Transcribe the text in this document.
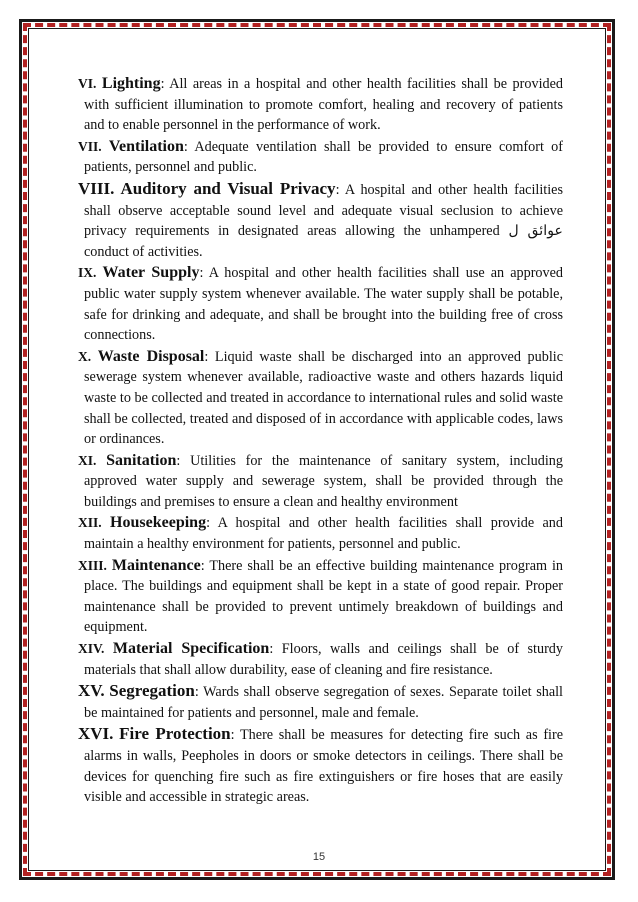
VI. Lighting: All areas in a hospital and other health facilities shall be provided with sufficient illumination to promote comfort, healing and recovery of patients and to enable personnel in the performance of work.

VII. Ventilation: Adequate ventilation shall be provided to ensure comfort of patients, personnel and public.

VIII. Auditory and Visual Privacy: A hospital and other health facilities shall observe acceptable sound level and adequate visual seclusion to achieve privacy requirements in designated areas allowing the unhampered عوائق ل conduct of activities.

IX. Water Supply: A hospital and other health facilities shall use an approved public water supply system whenever available. The water supply shall be potable, safe for drinking and adequate, and shall be brought into the building free of cross connections.

X. Waste Disposal: Liquid waste shall be discharged into an approved public sewerage system whenever available, radioactive waste and others hazards liquid waste to be collected and treated in accordance to international rules and solid waste shall be collected, treated and disposed of in accordance with applicable codes, laws or ordinances.

XI. Sanitation: Utilities for the maintenance of sanitary system, including approved water supply and sewerage system, shall be provided through the buildings and premises to ensure a clean and healthy environment

XII. Housekeeping: A hospital and other health facilities shall provide and maintain a healthy environment for patients, personnel and public.

XIII. Maintenance: There shall be an effective building maintenance program in place. The buildings and equipment shall be kept in a state of good repair. Proper maintenance shall be provided to prevent untimely breakdown of buildings and equipment.

XIV. Material Specification: Floors, walls and ceilings shall be of sturdy materials that shall allow durability, ease of cleaning and fire resistance.

XV. Segregation: Wards shall observe segregation of sexes. Separate toilet shall be maintained for patients and personnel, male and female.

XVI. Fire Protection: There shall be measures for detecting fire such as fire alarms in walls, Peepholes in doors or smoke detectors in ceilings. There shall be devices for quenching fire such as fire extinguishers or fire hoses that are easily visible and accessible in strategic areas.

15
